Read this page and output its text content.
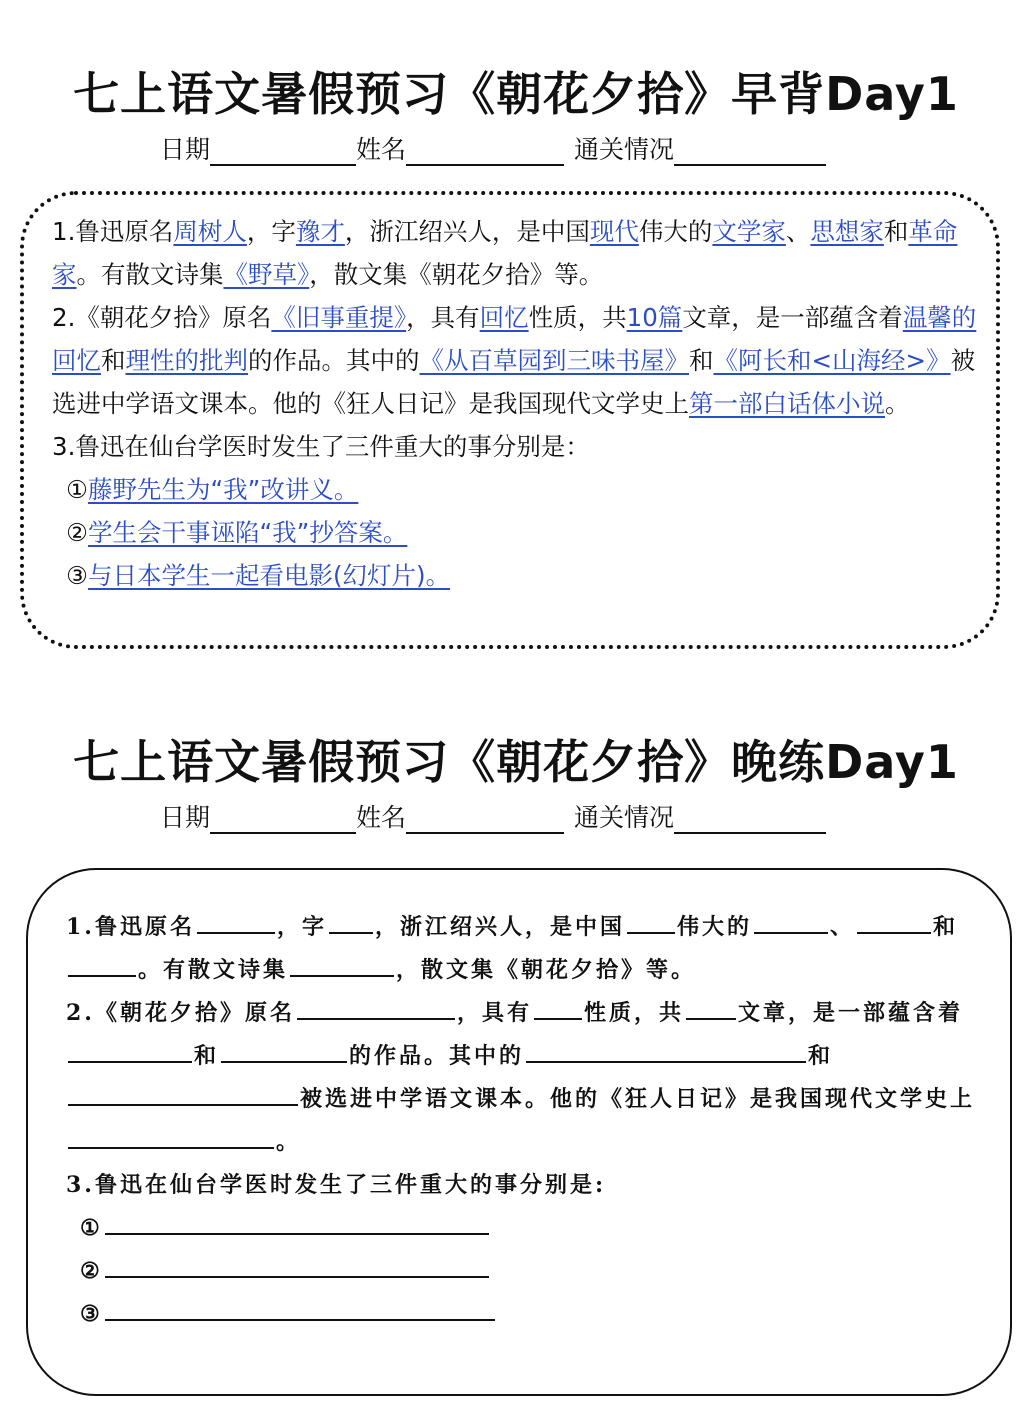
七上语文暑假预习《朝花夕拾》早背Day1
日期	姓名	通关情况
1.鲁迅原名周树人，字豫才，浙江绍兴人，是中国现代伟大的文学家、思想家和革命家。有散文诗集《野草》，散文集《朝花夕拾》等。
2.《朝花夕拾》原名《旧事重提》，具有回忆性质，共10篇文章，是一部蕴含着温馨的回忆和理性的批判的作品。其中的《从百草园到三味书屋》和《阿长和<山海经>》被选进中学语文课本。他的《狂人日记》是我国现代文学史上第一部白话体小说。
3.鲁迅在仙台学医时发生了三件重大的事分别是：
①藤野先生为“我”改讲义。
②学生会干事诬陷“我”抄答案。
③与日本学生一起看电影(幻灯片)。
七上语文暑假预习《朝花夕拾》晚练Day1
日期	姓名	通关情况
1.鲁迅原名	，字 ，浙江绍兴人，是中国 伟大的	、	和。有散文诗集	，散文集《朝花夕拾》等。
2.《朝花夕拾》原名	，具有 性质，共 文章，是一部蕴含着和	的作品。其中的	和被选进中学语文课本。他的《狂人日记》是我国现代文学史上。
3.鲁迅在仙台学医时发生了三件重大的事分别是:
①
②
③
